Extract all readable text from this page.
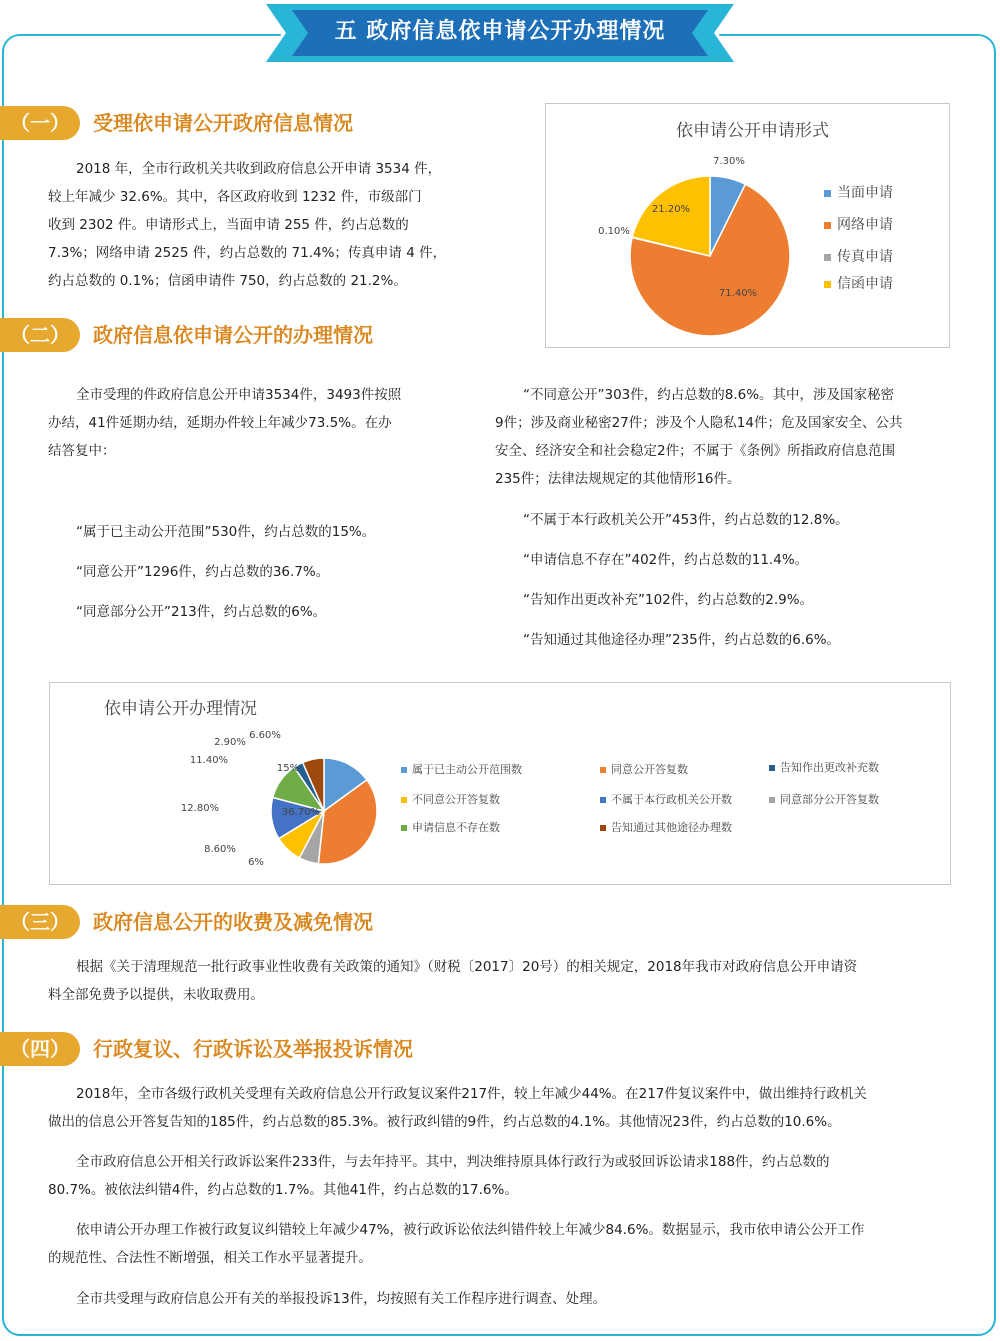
五 政府信息依申请公开办理情况
（一）	受理依申请公开政府信息情况
2018 年，全市行政机关共收到政府信息公开申请 3534 件，
较上年减少 32.6%。其中，各区政府收到 1232 件，市级部门
收到 2302 件。申请形式上，当面申请 255 件，约占总数的
7.3%；网络申请 2525 件，约占总数的 71.4%；传真申请 4 件，
约占总数的 0.1%；信函申请件 750，约占总数的 21.2%。
依申请公开申请形式
7.30%
71.40%
0.10%
21.20%
当面申请
网络申请
传真申请
信函申请
（二）	政府信息依申请公开的办理情况
全市受理的件政府信息公开申请3534件，3493件按照
办结，41件延期办结，延期办件较上年减少73.5%。在办
结答复中：
“属于已主动公开范围”530件，约占总数的15%。
“同意公开”1296件，约占总数的36.7%。
“同意部分公开”213件，约占总数的6%。
“不同意公开”303件，约占总数的8.6%。其中，涉及国家秘密
9件；涉及商业秘密27件；涉及个人隐私14件；危及国家安全、公共
安全、经济安全和社会稳定2件；不属于《条例》所指政府信息范围
235件；法律法规规定的其他情形16件。
“不属于本行政机关公开”453件，约占总数的12.8%。
“申请信息不存在”402件，约占总数的11.4%。
“告知作出更改补充”102件，约占总数的2.9%。
“告知通过其他途径办理”235件，约占总数的6.6%。
依申请公开办理情况
15%
36.70%
6%
8.60%
12.80%
11.40%
2.90%
6.60%
属于已主动公开范围数	同意公开答复数	告知作出更改补充数
不同意公开答复数	不属于本行政机关公开数	同意部分公开答复数
申请信息不存在数	告知通过其他途径办理数
（三）	政府信息公开的收费及减免情况
根据《关于清理规范一批行政事业性收费有关政策的通知》（财税〔2017〕20号）的相关规定，2018年我市对政府信息公开申请资
料全部免费予以提供，未收取费用。
（四）	行政复议、行政诉讼及举报投诉情况
2018年，全市各级行政机关受理有关政府信息公开行政复议案件217件，较上年减少44%。在217件复议案件中，做出维持行政机关
做出的信息公开答复告知的185件，约占总数的85.3%。被行政纠错的9件，约占总数的4.1%。其他情况23件，约占总数的10.6%。
全市政府信息公开相关行政诉讼案件233件，与去年持平。其中，判决维持原具体行政行为或驳回诉讼请求188件，约占总数的
80.7%。被依法纠错4件，约占总数的1.7%。其他41件，约占总数的17.6%。
依申请公开办理工作被行政复议纠错较上年减少47%，被行政诉讼依法纠错件较上年减少84.6%。数据显示，我市依申请公公开工作
的规范性、合法性不断增强，相关工作水平显著提升。
全市共受理与政府信息公开有关的举报投诉13件，均按照有关工作程序进行调查、处理。
